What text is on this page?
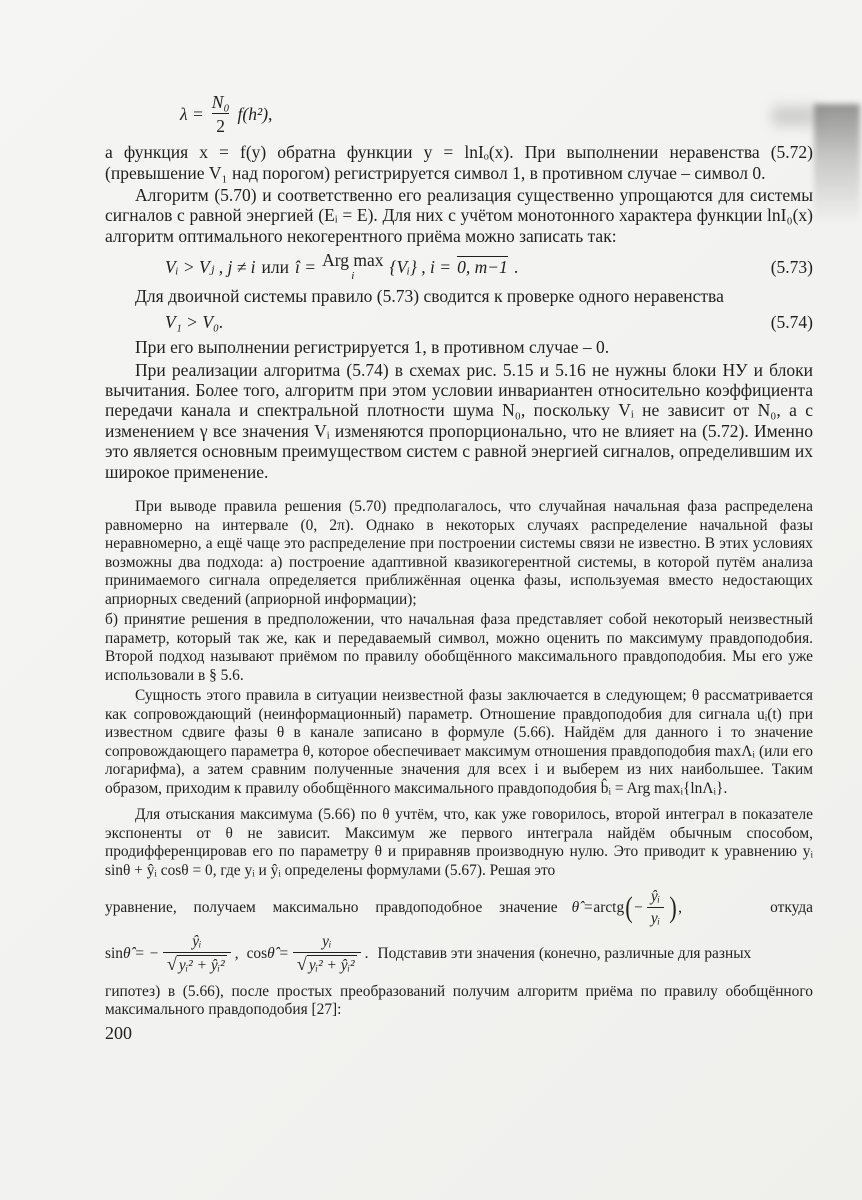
$\lambda = \frac{\text{N₀}}{2} f(h^2)$,

а функция x = f(y) обратна функции y = lnIₒ(x). При выполнении неравенства (5.72) (превышение V₁ над порогом) регистрируется символ 1, в противном случае – символ 0.

Алгоритм (5.70) и соответственно его реализация существенно упрощаются для системы сигналов с равной энергией (Eᵢ = E). Для них с учётом монотонного характера функции lnI₀(x) алгоритм оптимального некогерентного приёма можно записать так:

Vᵢ > Vⱼ , j ≠ i или î = Arg max
i {Vᵢ} , i = 0, m−1 .	(5.73)

Для двоичной системы правило (5.73) сводится к проверке одного неравенства

V₁ > V₀.	(5.74)

При его выполнении регистрируется 1, в противном случае – 0.

При реализации алгоритма (5.74) в схемах рис. 5.15 и 5.16 не нужны блоки НУ и блоки вычитания. Более того, алгоритм при этом условии инвариантен относительно коэффициента передачи канала и спектральной плотности шума N₀, поскольку Vᵢ не зависит от N₀, а с изменением γ все значения Vᵢ изменяются пропорционально, что не влияет на (5.72). Именно это является основным преимуществом систем с равной энергией сигналов, определившим их широкое применение.

При выводе правила решения (5.70) предполагалось, что случайная начальная фаза распределена равномерно на интервале (0, 2π). Однако в некоторых случаях распределение начальной фазы неравномерно, а ещё чаще это распределение при построении системы связи не известно. В этих условиях возможны два подхода: а) построение адаптивной квазикогерентной системы, в которой путём анализа принимаемого сигнала определяется приближённая оценка фазы, используемая вместо недостающих априорных сведений (априорной информации);

б) принятие решения в предположении, что начальная фаза представляет собой некоторый неизвестный параметр, который так же, как и передаваемый символ, можно оценить по максимуму правдоподобия. Второй подход называют приёмом по правилу обобщённого максимального правдоподобия. Мы его уже использовали в § 5.6.

Сущность этого правила в ситуации неизвестной фазы заключается в следующем; θ рассматривается как сопровождающий (неинформационный) параметр. Отношение правдоподобия для сигнала uᵢ(t) при известном сдвиге фазы θ в канале записано в формуле (5.66). Найдём для данного i то значение сопровождающего параметра θ, которое обеспечивает максимум отношения правдоподобия maxΛᵢ (или его логарифма), а затем сравним полученные значения для всех i и выберем из них наибольшее. Таким образом, приходим к правилу обобщённого максимального правдоподобия b̂ᵢ = Arg maxᵢ{lnΛᵢ}.

Для отыскания максимума (5.66) по θ учтём, что, как уже говорилось, второй интеграл в показателе экспоненты от θ не зависит. Максимум же первого интеграла найдём обычным способом, продифференцировав его по параметру θ и приравняв производную нулю. Это приводит к уравнению yᵢ sinθ + ŷᵢ cosθ = 0, где yᵢ и ŷᵢ определены формулами (5.67). Решая это

уравнение, получаем максимально правдоподобное значение θ̂ = arctg ( − $\frac{\text{ŷᵢ}}{\text{yᵢ}}$ ) ,	откуда
sin θ̂ = − $\frac{\text{ŷᵢ}}{\text{√ yᵢ² + ŷᵢ²}}$ , cos θ̂ = $\frac{\text{yᵢ}}{\text{√ yᵢ² + ŷᵢ²}}$ . Подставив эти значения (конечно, различные для разных

гипотез) в (5.66), после простых преобразований получим алгоритм приёма по правилу обобщённого максимального правдоподобия [27]:

200
